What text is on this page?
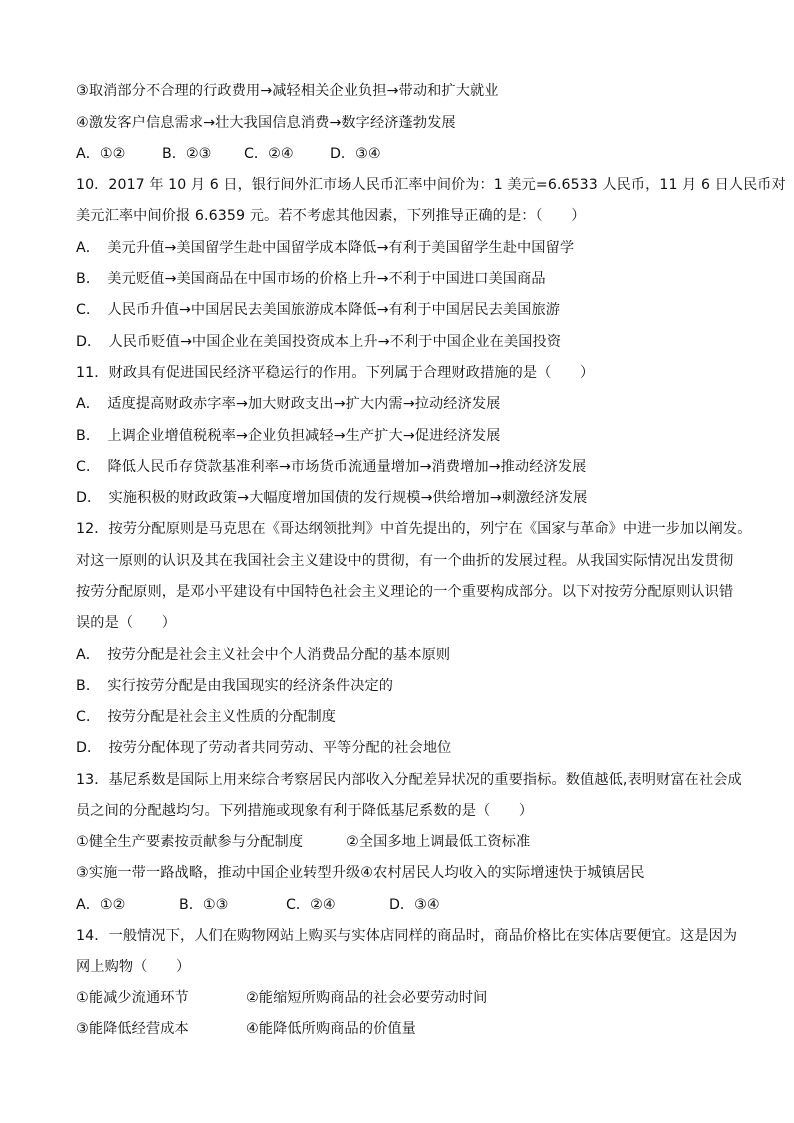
③取消部分不合理的行政费用→减轻相关企业负担→带动和扩大就业
④激发客户信息需求→壮大我国信息消费→数字经济蓬勃发展
A．①②	B．②③ C．②④	D．③④
10．2017 年 10 月 6 日，银行间外汇市场人民币汇率中间价为：1 美元=6.6533 人民币，11 月 6 日人民币对
美元汇率中间价报 6.6359 元。若不考虑其他因素，下列推导正确的是：（　　）
A．　美元升值→美国留学生赴中国留学成本降低→有利于美国留学生赴中国留学
B．　美元贬值→美国商品在中国市场的价格上升→不利于中国进口美国商品
C．　人民币升值→中国居民去美国旅游成本降低→有利于中国居民去美国旅游
D．　人民币贬值→中国企业在美国投资成本上升→不利于中国企业在美国投资
11．财政具有促进国民经济平稳运行的作用。下列属于合理财政措施的是（　　）
A．　适度提高财政赤字率→加大财政支出→扩大内需→拉动经济发展
B．　上调企业增值税税率→企业负担减轻→生产扩大→促进经济发展
C．　降低人民币存贷款基准利率→市场货币流通量增加→消费增加→推动经济发展
D．　实施积极的财政政策→大幅度增加国债的发行规模→供给增加→刺激经济发展
12．按劳分配原则是马克思在《哥达纲领批判》中首先提出的，列宁在《国家与革命》中进一步加以阐发。
对这一原则的认识及其在我国社会主义建设中的贯彻，有一个曲折的发展过程。从我国实际情况出发贯彻
按劳分配原则，是邓小平建设有中国特色社会主义理论的一个重要构成部分。以下对按劳分配原则认识错
误的是（　　）
A．　按劳分配是社会主义社会中个人消费品分配的基本原则
B．　实行按劳分配是由我国现实的经济条件决定的
C．　按劳分配是社会主义性质的分配制度
D．　按劳分配体现了劳动者共同劳动、平等分配的社会地位
13．基尼系数是国际上用来综合考察居民内部收入分配差异状况的重要指标。数值越低,表明财富在社会成
员之间的分配越均匀。下列措施或现象有利于降低基尼系数的是（　　）
①健全生产要素按贡献参与分配制度　　　②全国多地上调最低工资标准
③实施一带一路战略，推动中国企业转型升级④农村居民人均收入的实际增速快于城镇居民
A．①②	B．①③	C．②④	D．③④
14．一般情况下，人们在购物网站上购买与实体店同样的商品时，商品价格比在实体店要便宜。这是因为
网上购物（　　）
①能减少流通环节　　　　②能缩短所购商品的社会必要劳动时间
③能降低经营成本　　　　④能降低所购商品的价值量
